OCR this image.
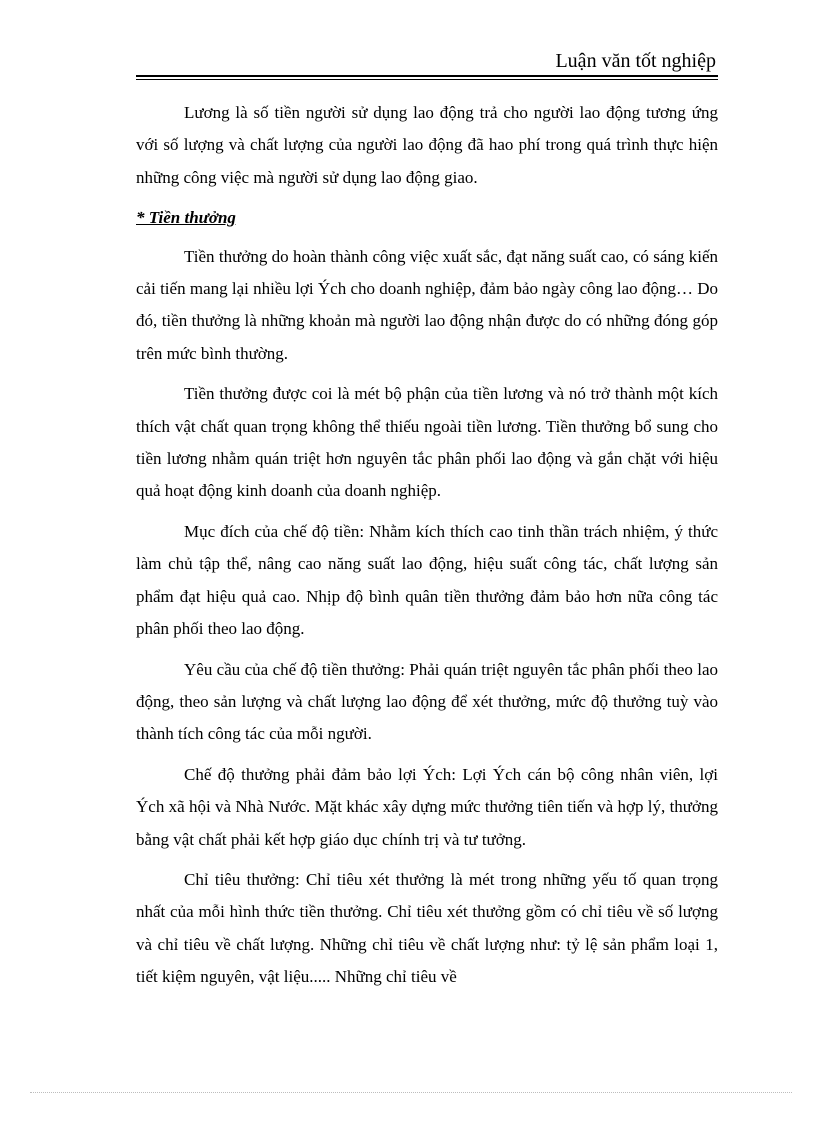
Luận văn tốt nghiệp

Lương là số tiền người sử dụng lao động trả cho người lao động tương ứng với số lượng và chất lượng của người lao động đã hao phí trong quá trình thực hiện những công việc mà người sử dụng lao động giao.

* Tiền thưởng

Tiền thưởng do hoàn thành công việc xuất sắc, đạt năng suất cao, có sáng kiến cải tiến mang lại nhiều lợi Ých cho doanh nghiệp, đảm bảo ngày công lao động… Do đó, tiền thưởng là những khoản mà người lao động nhận được do có những đóng góp trên mức bình thường.

Tiền thưởng được coi là mét bộ phận của tiền lương và nó trở thành một kích thích vật chất quan trọng không thể thiếu ngoài tiền lương. Tiền thưởng bổ sung cho tiền lương nhằm quán triệt hơn nguyên tắc phân phối lao động và gắn chặt với hiệu quả hoạt động kinh doanh của doanh nghiệp.

Mục đích của chế độ tiền: Nhằm kích thích cao tinh thần trách nhiệm, ý thức làm chủ tập thể, nâng cao năng suất lao động, hiệu suất công tác, chất lượng sản phẩm đạt hiệu quả cao. Nhịp độ bình quân tiền thưởng đảm bảo hơn nữa công tác phân phối theo lao động.

Yêu cầu của chế độ tiền thưởng: Phải quán triệt nguyên tắc phân phối theo lao động, theo sản lượng và chất lượng lao động để xét thưởng, mức độ thưởng tuỳ vào thành tích công tác của mỗi người.

Chế độ thưởng phải đảm bảo lợi Ých: Lợi Ých cán bộ công nhân viên, lợi Ých xã hội và Nhà Nước. Mặt khác xây dựng mức thưởng tiên tiến và hợp lý, thưởng bằng vật chất phải kết hợp giáo dục chính trị và tư tưởng.

Chỉ tiêu thưởng: Chỉ tiêu xét thưởng là mét trong những yếu tố quan trọng nhất của mỗi hình thức tiền thưởng. Chỉ tiêu xét thưởng gồm có chỉ tiêu về số lượng và chỉ tiêu về chất lượng. Những chỉ tiêu về chất lượng như: tỷ lệ sản phẩm loại 1, tiết kiệm nguyên, vật liệu..... Những chỉ tiêu về
